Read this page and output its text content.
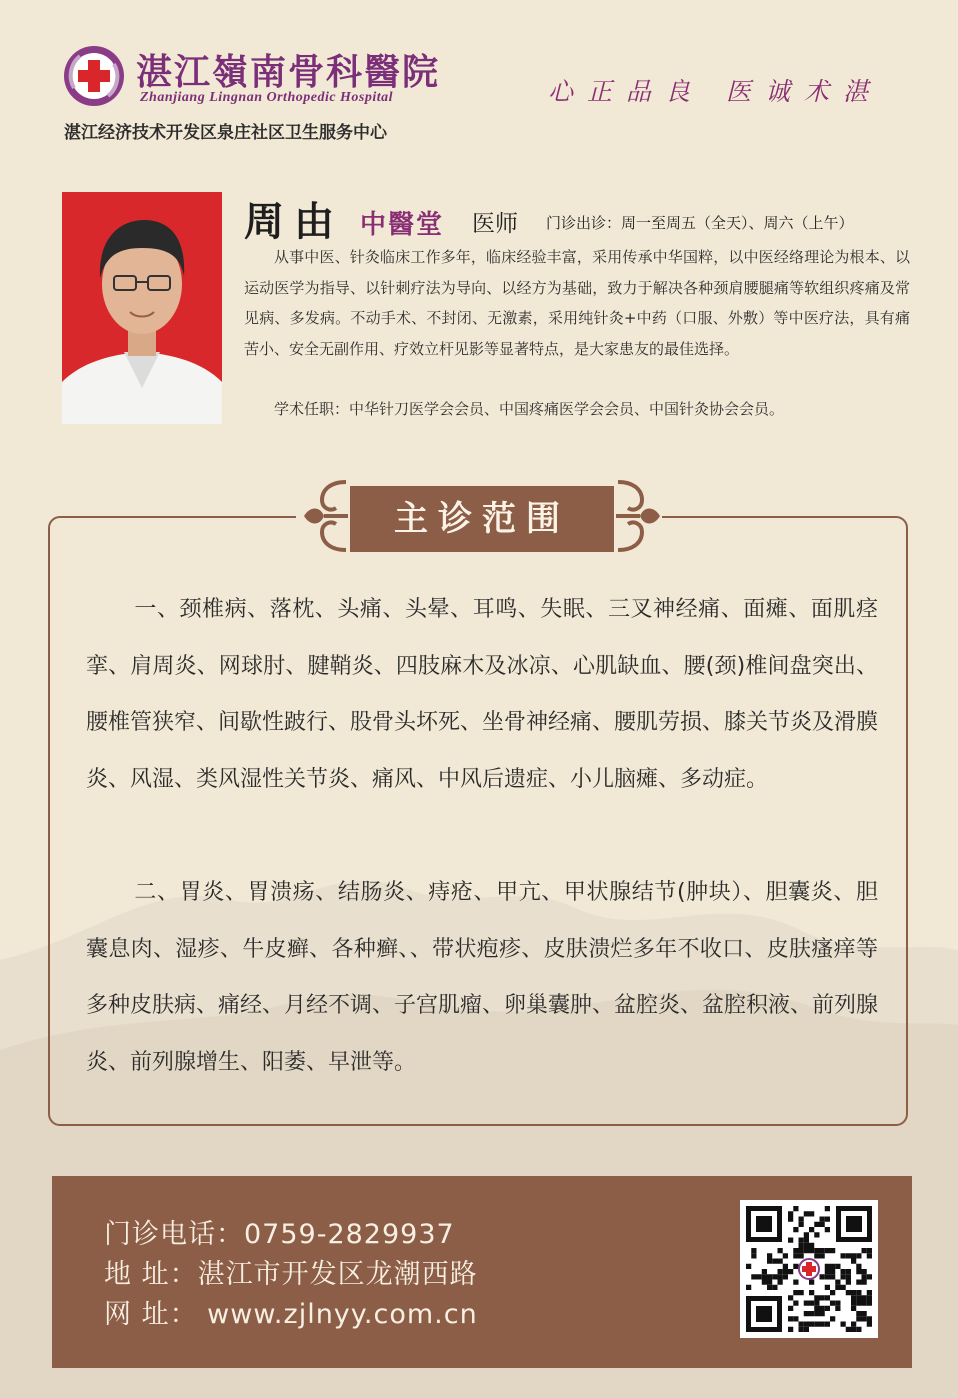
湛江嶺南骨科醫院
Zhanjiang Lingnan Orthopedic Hospital
湛江经济技术开发区泉庄社区卫生服务中心
心正品良 医诚术湛
周由 中醫堂 医师 门诊出诊：周一至周五（全天）、周六（上午）

从事中医、针灸临床工作多年，临床经验丰富，采用传承中华国粹，以中医经络理论为根本、以运动医学为指导、以针刺疗法为导向、以经方为基础，致力于解决各种颈肩腰腿痛等软组织疼痛及常见病、多发病。不动手术、不封闭、无激素，采用纯针灸+中药（口服、外敷）等中医疗法，具有痛苦小、安全无副作用、疗效立杆见影等显著特点，是大家患友的最佳选择。

学术任职：中华针刀医学会会员、中国疼痛医学会会员、中国针灸协会会员。

主诊范围

一、颈椎病、落枕、头痛、头晕、耳鸣、失眠、三叉神经痛、面瘫、面肌痉挛、肩周炎、网球肘、腱鞘炎、四肢麻木及冰凉、心肌缺血、腰(颈)椎间盘突出、腰椎管狭窄、间歇性跛行、股骨头坏死、坐骨神经痛、腰肌劳损、膝关节炎及滑膜炎、风湿、类风湿性关节炎、痛风、中风后遗症、小儿脑瘫、多动症。

二、胃炎、胃溃疡、结肠炎、痔疮、甲亢、甲状腺结节(肿块）、胆囊炎、胆囊息肉、湿疹、牛皮癣、各种癣、、带状疱疹、皮肤溃烂多年不收口、皮肤瘙痒等多种皮肤病、痛经、月经不调、子宫肌瘤、卵巢囊肿、盆腔炎、盆腔积液、前列腺炎、前列腺增生、阳萎、早泄等。

门诊电话：0759-2829937
地 址：湛江市开发区龙潮西路
网 址： www.zjlnyy.com.cn
